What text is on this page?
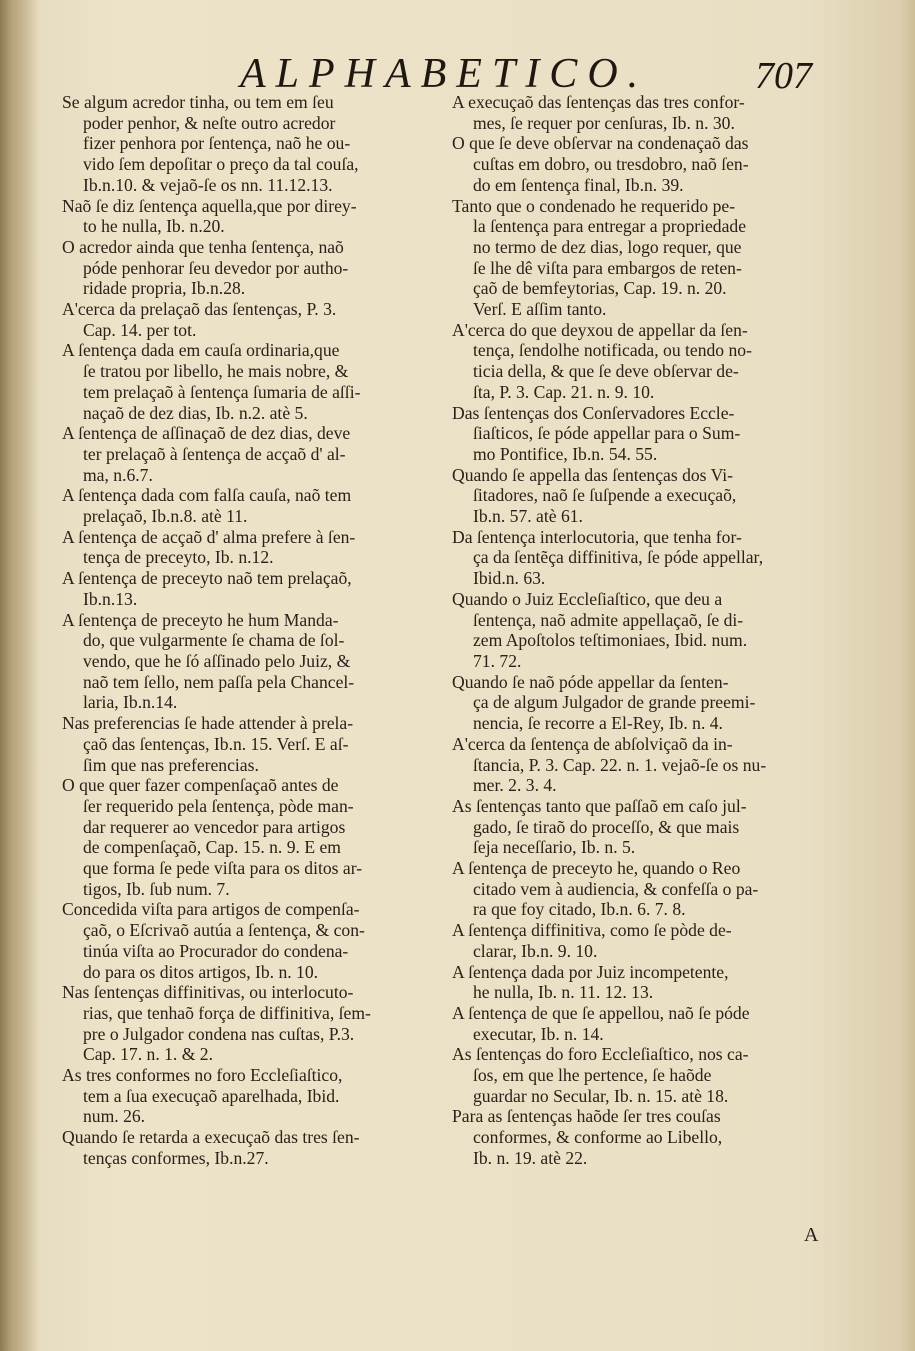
ALPHABETICO.	707
Se algum acredor tinha, ou tem em ſeu
poder penhor, & neſte outro acredor
fizer penhora por ſentença, naõ he ou-
vido ſem depoſitar o preço da tal couſa,
Ib.n.10. & vejaõ-ſe os nn. 11.12.13.
Naõ ſe diz ſentença aquella,que por direy-
to he nulla, Ib. n.20.
O acredor ainda que tenha ſentença, naõ
póde penhorar ſeu devedor por autho-
ridade propria, Ib.n.28.
A'cerca da prelaçaõ das ſentenças, P. 3.
Cap. 14. per tot.
A ſentença dada em cauſa ordinaria,que
ſe tratou por libello, he mais nobre, &
tem prelaçaõ à ſentença ſumaria de aſſi-
naçaõ de dez dias, Ib. n.2. atè 5.
A ſentença de aſſinaçaõ de dez dias, deve
ter prelaçaõ à ſentença de acçaõ d' al-
ma, n.6.7.
A ſentença dada com falſa cauſa, naõ tem
prelaçaõ, Ib.n.8. atè 11.
A ſentença de acçaõ d' alma prefere à ſen-
tença de preceyto, Ib. n.12.
A ſentença de preceyto naõ tem prelaçaõ,
Ib.n.13.
A ſentença de preceyto he hum Manda-
do, que vulgarmente ſe chama de ſol-
vendo, que he ſó aſſinado pelo Juiz, &
naõ tem ſello, nem paſſa pela Chancel-
laria, Ib.n.14.
Nas preferencias ſe hade attender à prela-
çaõ das ſentenças, Ib.n. 15. Verſ. E aſ-
ſim que nas preferencias.
O que quer fazer compenſaçaõ antes de
ſer requerido pela ſentença, pòde man-
dar requerer ao vencedor para artigos
de compenſaçaõ, Cap. 15. n. 9. E em
que forma ſe pede viſta para os ditos ar-
tigos, Ib. ſub num. 7.
Concedida viſta para artigos de compenſa-
çaõ, o Eſcrivaõ autúa a ſentença, & con-
tinúa viſta ao Procurador do condena-
do para os ditos artigos, Ib. n. 10.
Nas ſentenças diffinitivas, ou interlocuto-
rias, que tenhaõ força de diffinitiva, ſem-
pre o Julgador condena nas cuſtas, P.3.
Cap. 17. n. 1. & 2.
As tres conformes no foro Eccleſiaſtico,
tem a ſua execuçaõ aparelhada, Ibid.
num. 26.
Quando ſe retarda a execuçaõ das tres ſen-
tenças conformes, Ib.n.27.
A execuçaõ das ſentenças das tres confor-
mes, ſe requer por cenſuras, Ib. n. 30.
O que ſe deve obſervar na condenaçaõ das
cuſtas em dobro, ou tresdobro, naõ ſen-
do em ſentença final, Ib.n. 39.
Tanto que o condenado he requerido pe-
la ſentença para entregar a propriedade
no termo de dez dias, logo requer, que
ſe lhe dê viſta para embargos de reten-
çaõ de bemfeytorias, Cap. 19. n. 20.
Verſ. E aſſim tanto.
A'cerca do que deyxou de appellar da ſen-
tença, ſendolhe notificada, ou tendo no-
ticia della, & que ſe deve obſervar de-
ſta, P. 3. Cap. 21. n. 9. 10.
Das ſentenças dos Conſervadores Eccle-
ſiaſticos, ſe póde appellar para o Sum-
mo Pontifice, Ib.n. 54. 55.
Quando ſe appella das ſentenças dos Vi-
ſitadores, naõ ſe ſuſpende a execuçaõ,
Ib.n. 57. atè 61.
Da ſentença interlocutoria, que tenha for-
ça da ſentẽça diffinitiva, ſe póde appellar,
Ibid.n. 63.
Quando o Juiz Eccleſiaſtico, que deu a
ſentença, naõ admite appellaçaõ, ſe di-
zem Apoſtolos teſtimoniaes, Ibid. num.
71. 72.
Quando ſe naõ póde appellar da ſenten-
ça de algum Julgador de grande preemi-
nencia, ſe recorre a El-Rey, Ib. n. 4.
A'cerca da ſentença de abſolviçaõ da in-
ſtancia, P. 3. Cap. 22. n. 1. vejaõ-ſe os nu-
mer. 2. 3. 4.
As ſentenças tanto que paſſaõ em caſo jul-
gado, ſe tiraõ do proceſſo, & que mais
ſeja neceſſario, Ib. n. 5.
A ſentença de preceyto he, quando o Reo
citado vem à audiencia, & confeſſa o pa-
ra que foy citado, Ib.n. 6. 7. 8.
A ſentença diffinitiva, como ſe pòde de-
clarar, Ib.n. 9. 10.
A ſentença dada por Juiz incompetente,
he nulla, Ib. n. 11. 12. 13.
A ſentença de que ſe appellou, naõ ſe póde
executar, Ib. n. 14.
As ſentenças do foro Eccleſiaſtico, nos ca-
ſos, em que lhe pertence, ſe haõde
guardar no Secular, Ib. n. 15. atè 18.
Para as ſentenças haõde ſer tres couſas
conformes, & conforme ao Libello,
Ib. n. 19. atè 22.
A
